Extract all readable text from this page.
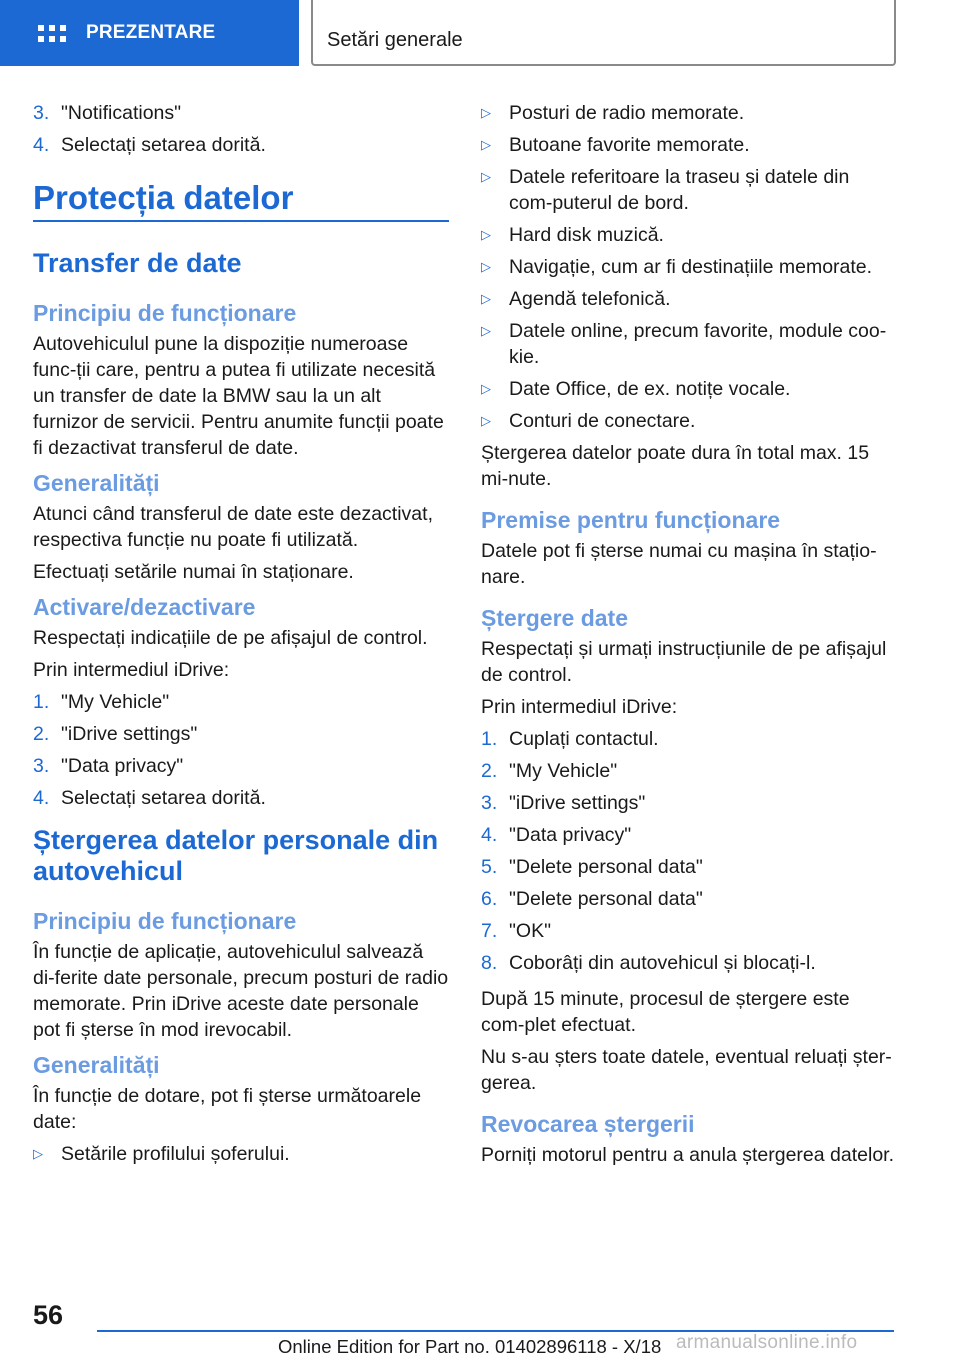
PREZENTARE	Setări generale
3. "Notifications"
4. Selectați setarea dorită.
Protecția datelor
Transfer de date
Principiu de funcționare

Autovehiculul pune la dispoziție numeroase func-ții care, pentru a putea fi utilizate necesită un transfer de date la BMW sau la un alt furnizor de servicii. Pentru anumite funcții poate fi dezactivat transferul de date.

Generalități

Atunci când transferul de date este dezactivat, respectiva funcție nu poate fi utilizată.

Efectuați setările numai în staționare.

Activare/dezactivare

Respectați indicațiile de pe afișajul de control.

Prin intermediul iDrive:

1. "My Vehicle"
2. "iDrive settings"
3. "Data privacy"
4. Selectați setarea dorită.
Ștergerea datelor personale din autovehicul
Principiu de funcționare

În funcție de aplicație, autovehiculul salvează di-ferite date personale, precum posturi de radio memorate. Prin iDrive aceste date personale pot fi șterse în mod irevocabil.

Generalități

În funcție de dotare, pot fi șterse următoarele date:

▷ Setările profilului șoferului.
▷ Posturi de radio memorate.
▷ Butoane favorite memorate.
▷ Datele referitoare la traseu și datele din com-puterul de bord.
▷ Hard disk muzică.
▷ Navigație, cum ar fi destinațiile memorate.
▷ Agendă telefonică.
▷ Datele online, precum favorite, module coo-kie.
▷ Date Office, de ex. notițe vocale.
▷ Conturi de conectare.

Ștergerea datelor poate dura în total max. 15 mi-nute.

Premise pentru funcționare

Datele pot fi șterse numai cu mașina în stațio-nare.

Ștergere date

Respectați și urmați instrucțiunile de pe afișajul de control.

Prin intermediul iDrive:

1. Cuplați contactul.
2. "My Vehicle"
3. "iDrive settings"
4. "Data privacy"
5. "Delete personal data"
6. "Delete personal data"
7. "OK"
8. Coborâți din autovehicul și blocați-l.

După 15 minute, procesul de ștergere este com-plet efectuat.

Nu s-au șters toate datele, eventual reluați șter-gerea.

Revocarea ștergerii

Porniți motorul pentru a anula ștergerea datelor.

56
Online Edition for Part no. 01402896118 - X/18 armanualsonline.info
